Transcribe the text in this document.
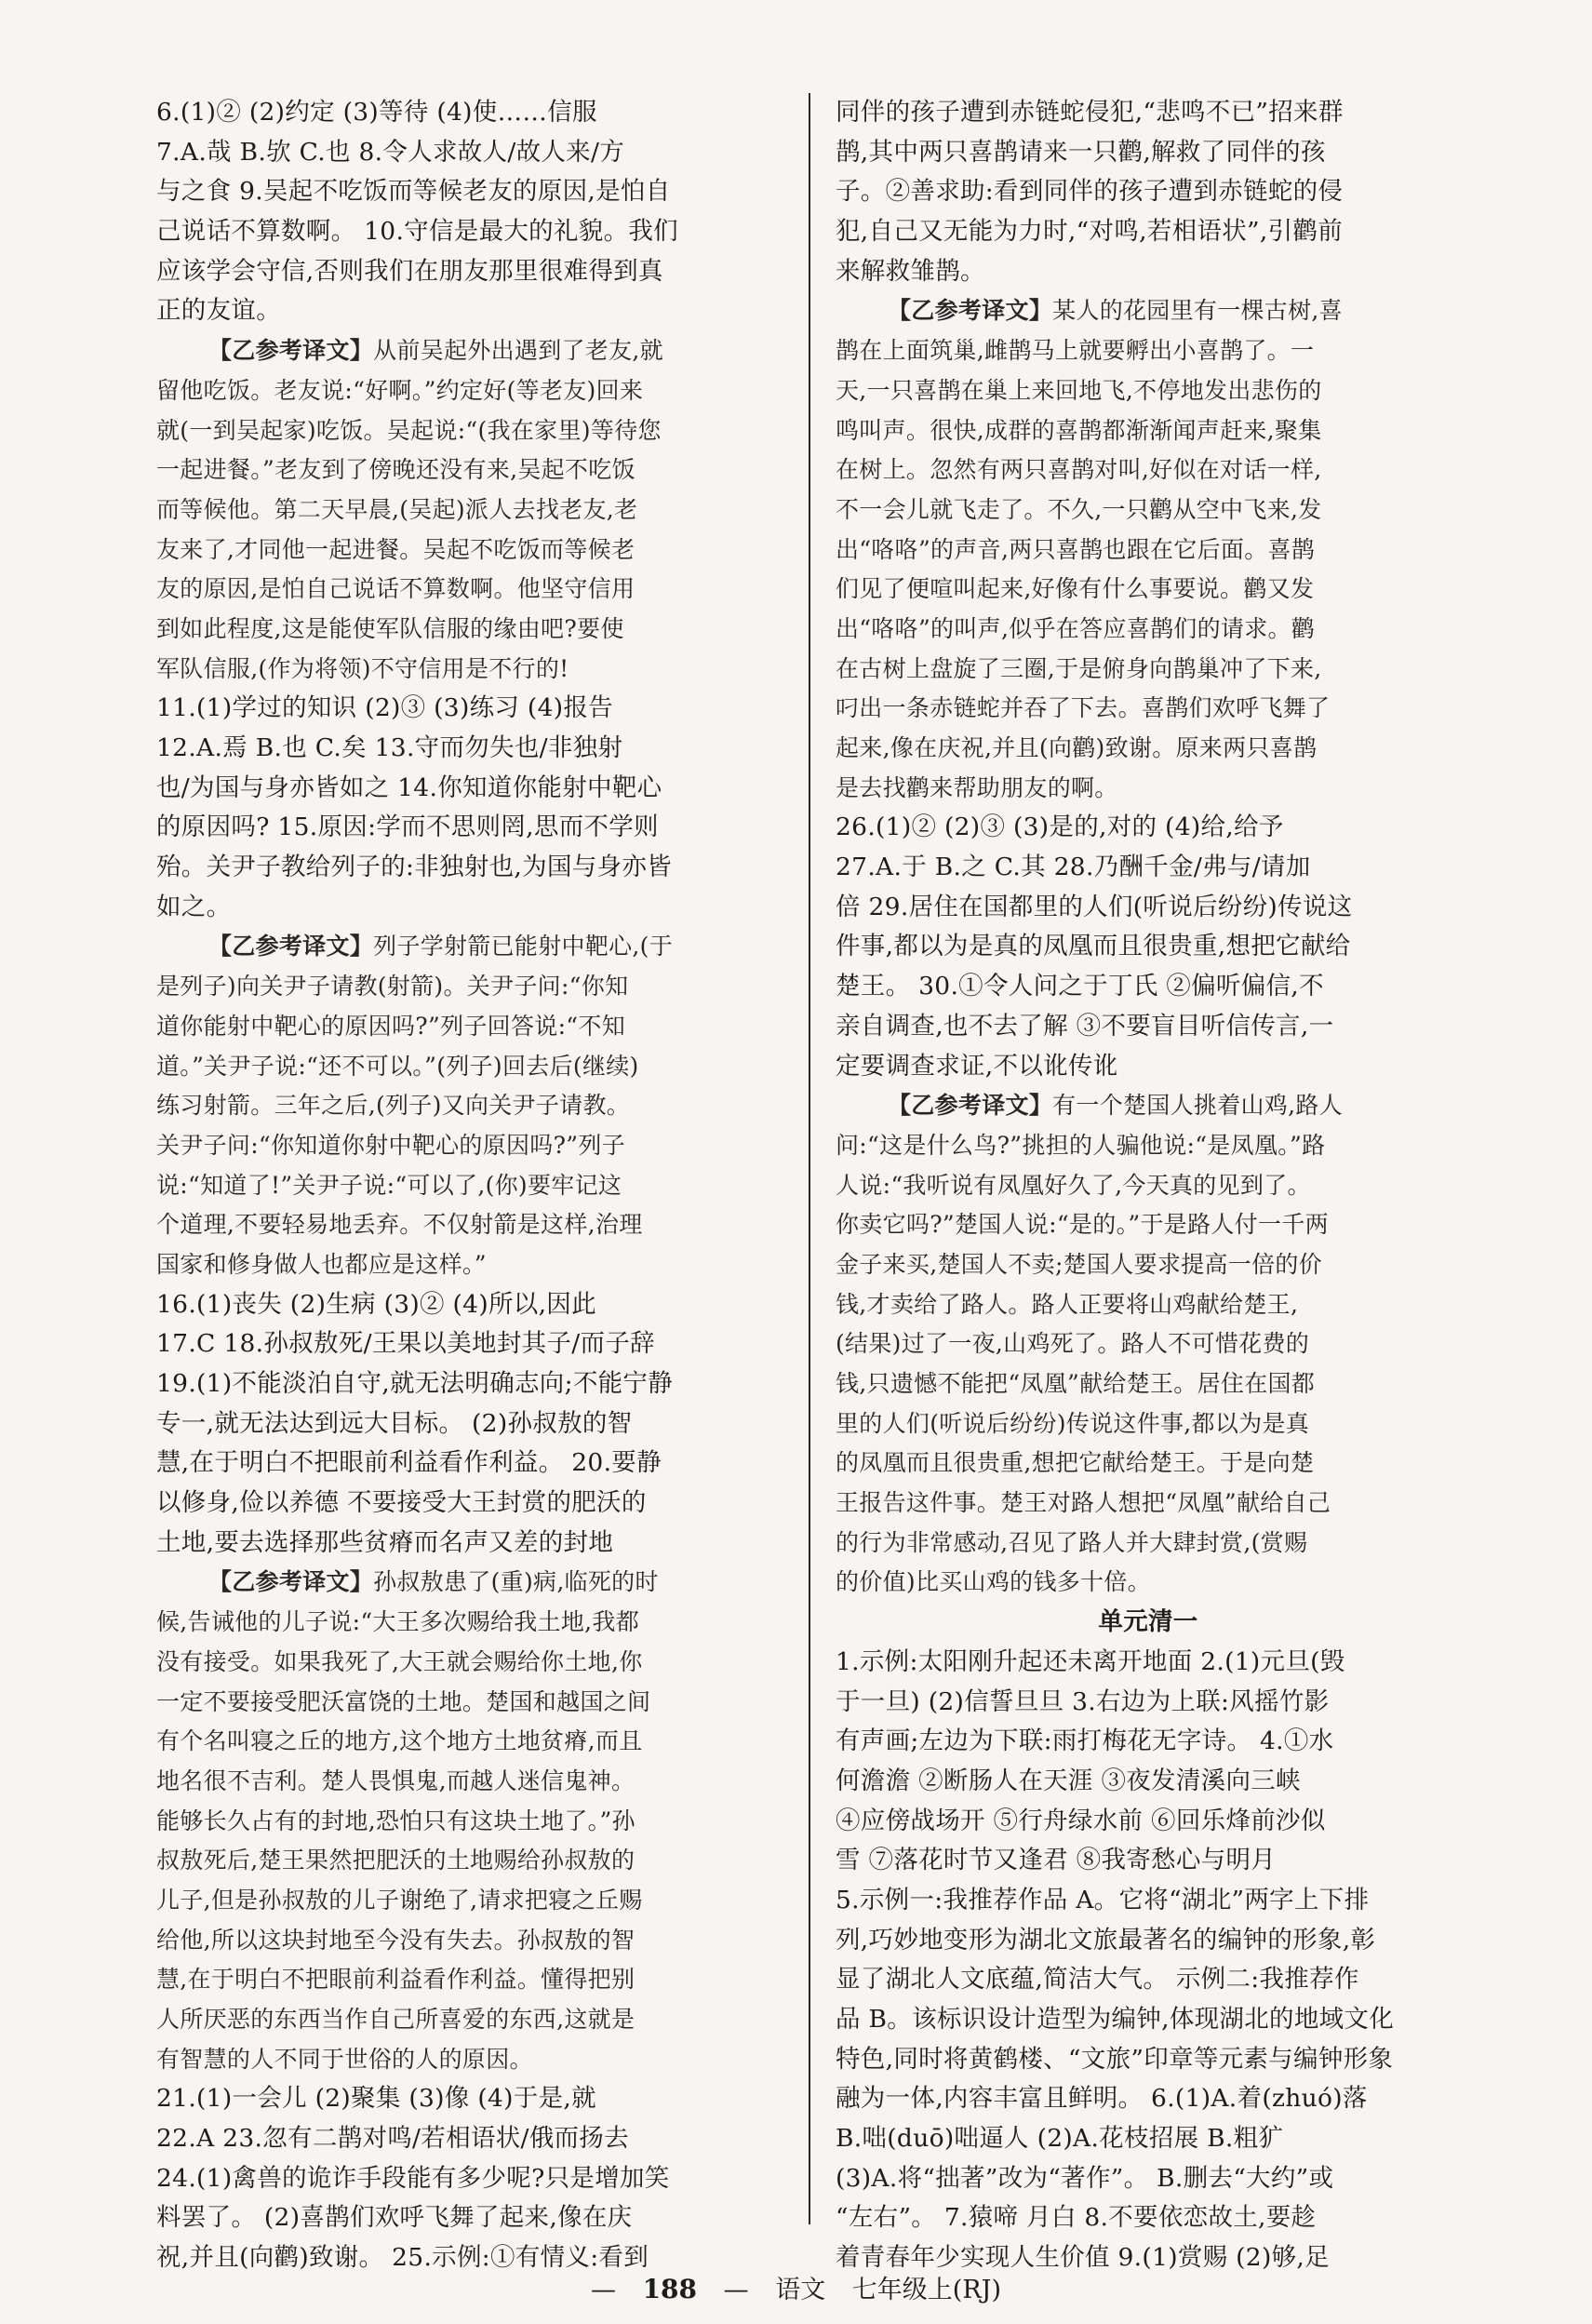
6.(1)② (2)约定 (3)等待 (4)使……信服

7.A.哉 B.欤 C.也 8.令人求故人/故人来/方

与之食 9.吴起不吃饭而等候老友的原因,是怕自

己说话不算数啊。 10.守信是最大的礼貌。我们

应该学会守信,否则我们在朋友那里很难得到真

正的友谊。

【乙参考译文】从前吴起外出遇到了老友,就

留他吃饭。老友说:“好啊。”约定好(等老友)回来

就(一到吴起家)吃饭。吴起说:“(我在家里)等待您

一起进餐。”老友到了傍晚还没有来,吴起不吃饭

而等候他。第二天早晨,(吴起)派人去找老友,老

友来了,才同他一起进餐。吴起不吃饭而等候老

友的原因,是怕自己说话不算数啊。他坚守信用

到如此程度,这是能使军队信服的缘由吧?要使

军队信服,(作为将领)不守信用是不行的!

11.(1)学过的知识 (2)③ (3)练习 (4)报告

12.A.焉 B.也 C.矣 13.守而勿失也/非独射

也/为国与身亦皆如之 14.你知道你能射中靶心

的原因吗? 15.原因:学而不思则罔,思而不学则

殆。关尹子教给列子的:非独射也,为国与身亦皆

如之。

【乙参考译文】列子学射箭已能射中靶心,(于

是列子)向关尹子请教(射箭)。关尹子问:“你知

道你能射中靶心的原因吗?”列子回答说:“不知

道。”关尹子说:“还不可以。”(列子)回去后(继续)

练习射箭。三年之后,(列子)又向关尹子请教。

关尹子问:“你知道你射中靶心的原因吗?”列子

说:“知道了!”关尹子说:“可以了,(你)要牢记这

个道理,不要轻易地丢弃。不仅射箭是这样,治理

国家和修身做人也都应是这样。”

16.(1)丧失 (2)生病 (3)② (4)所以,因此

17.C 18.孙叔敖死/王果以美地封其子/而子辞

19.(1)不能淡泊自守,就无法明确志向;不能宁静

专一,就无法达到远大目标。 (2)孙叔敖的智

慧,在于明白不把眼前利益看作利益。 20.要静

以修身,俭以养德 不要接受大王封赏的肥沃的

土地,要去选择那些贫瘠而名声又差的封地

【乙参考译文】孙叔敖患了(重)病,临死的时

候,告诫他的儿子说:“大王多次赐给我土地,我都

没有接受。如果我死了,大王就会赐给你土地,你

一定不要接受肥沃富饶的土地。楚国和越国之间

有个名叫寝之丘的地方,这个地方土地贫瘠,而且

地名很不吉利。楚人畏惧鬼,而越人迷信鬼神。

能够长久占有的封地,恐怕只有这块土地了。”孙

叔敖死后,楚王果然把肥沃的土地赐给孙叔敖的

儿子,但是孙叔敖的儿子谢绝了,请求把寝之丘赐

给他,所以这块封地至今没有失去。孙叔敖的智

慧,在于明白不把眼前利益看作利益。懂得把别

人所厌恶的东西当作自己所喜爱的东西,这就是

有智慧的人不同于世俗的人的原因。

21.(1)一会儿 (2)聚集 (3)像 (4)于是,就

22.A 23.忽有二鹊对鸣/若相语状/俄而扬去

24.(1)禽兽的诡诈手段能有多少呢?只是增加笑

料罢了。 (2)喜鹊们欢呼飞舞了起来,像在庆

祝,并且(向鹳)致谢。 25.示例:①有情义:看到

同伴的孩子遭到赤链蛇侵犯,“悲鸣不已”招来群

鹊,其中两只喜鹊请来一只鹳,解救了同伴的孩

子。②善求助:看到同伴的孩子遭到赤链蛇的侵

犯,自己又无能为力时,“对鸣,若相语状”,引鹳前

来解救雏鹊。

【乙参考译文】某人的花园里有一棵古树,喜

鹊在上面筑巢,雌鹊马上就要孵出小喜鹊了。一

天,一只喜鹊在巢上来回地飞,不停地发出悲伤的

鸣叫声。很快,成群的喜鹊都渐渐闻声赶来,聚集

在树上。忽然有两只喜鹊对叫,好似在对话一样,

不一会儿就飞走了。不久,一只鹳从空中飞来,发

出“咯咯”的声音,两只喜鹊也跟在它后面。喜鹊

们见了便喧叫起来,好像有什么事要说。鹳又发

出“咯咯”的叫声,似乎在答应喜鹊们的请求。鹳

在古树上盘旋了三圈,于是俯身向鹊巢冲了下来,

叼出一条赤链蛇并吞了下去。喜鹊们欢呼飞舞了

起来,像在庆祝,并且(向鹳)致谢。原来两只喜鹊

是去找鹳来帮助朋友的啊。

26.(1)② (2)③ (3)是的,对的 (4)给,给予

27.A.于 B.之 C.其 28.乃酬千金/弗与/请加

倍 29.居住在国都里的人们(听说后纷纷)传说这

件事,都以为是真的凤凰而且很贵重,想把它献给

楚王。 30.①令人问之于丁氏 ②偏听偏信,不

亲自调查,也不去了解 ③不要盲目听信传言,一

定要调查求证,不以讹传讹

【乙参考译文】有一个楚国人挑着山鸡,路人

问:“这是什么鸟?”挑担的人骗他说:“是凤凰。”路

人说:“我听说有凤凰好久了,今天真的见到了。

你卖它吗?”楚国人说:“是的。”于是路人付一千两

金子来买,楚国人不卖;楚国人要求提高一倍的价

钱,才卖给了路人。路人正要将山鸡献给楚王,

(结果)过了一夜,山鸡死了。路人不可惜花费的

钱,只遗憾不能把“凤凰”献给楚王。居住在国都

里的人们(听说后纷纷)传说这件事,都以为是真

的凤凰而且很贵重,想把它献给楚王。于是向楚

王报告这件事。楚王对路人想把“凤凰”献给自己

的行为非常感动,召见了路人并大肆封赏,(赏赐

的价值)比买山鸡的钱多十倍。

单元清一

1.示例:太阳刚升起还未离开地面 2.(1)元旦(毁

于一旦) (2)信誓旦旦 3.右边为上联:风摇竹影

有声画;左边为下联:雨打梅花无字诗。 4.①水

何澹澹 ②断肠人在天涯 ③夜发清溪向三峡

④应傍战场开 ⑤行舟绿水前 ⑥回乐烽前沙似

雪 ⑦落花时节又逢君 ⑧我寄愁心与明月

5.示例一:我推荐作品 A。它将“湖北”两字上下排

列,巧妙地变形为湖北文旅最著名的编钟的形象,彰

显了湖北人文底蕴,简洁大气。 示例二:我推荐作

品 B。该标识设计造型为编钟,体现湖北的地域文化

特色,同时将黄鹤楼、“文旅”印章等元素与编钟形象

融为一体,内容丰富且鲜明。 6.(1)A.着(zhuó)落

B.咄(duō)咄逼人 (2)A.花枝招展 B.粗犷

(3)A.将“拙著”改为“著作”。 B.删去“大约”或

“左右”。 7.猿啼 月白 8.不要依恋故土,要趁

着青春年少实现人生价值 9.(1)赏赐 (2)够,足

— 188 — 语文 七年级上(RJ)
